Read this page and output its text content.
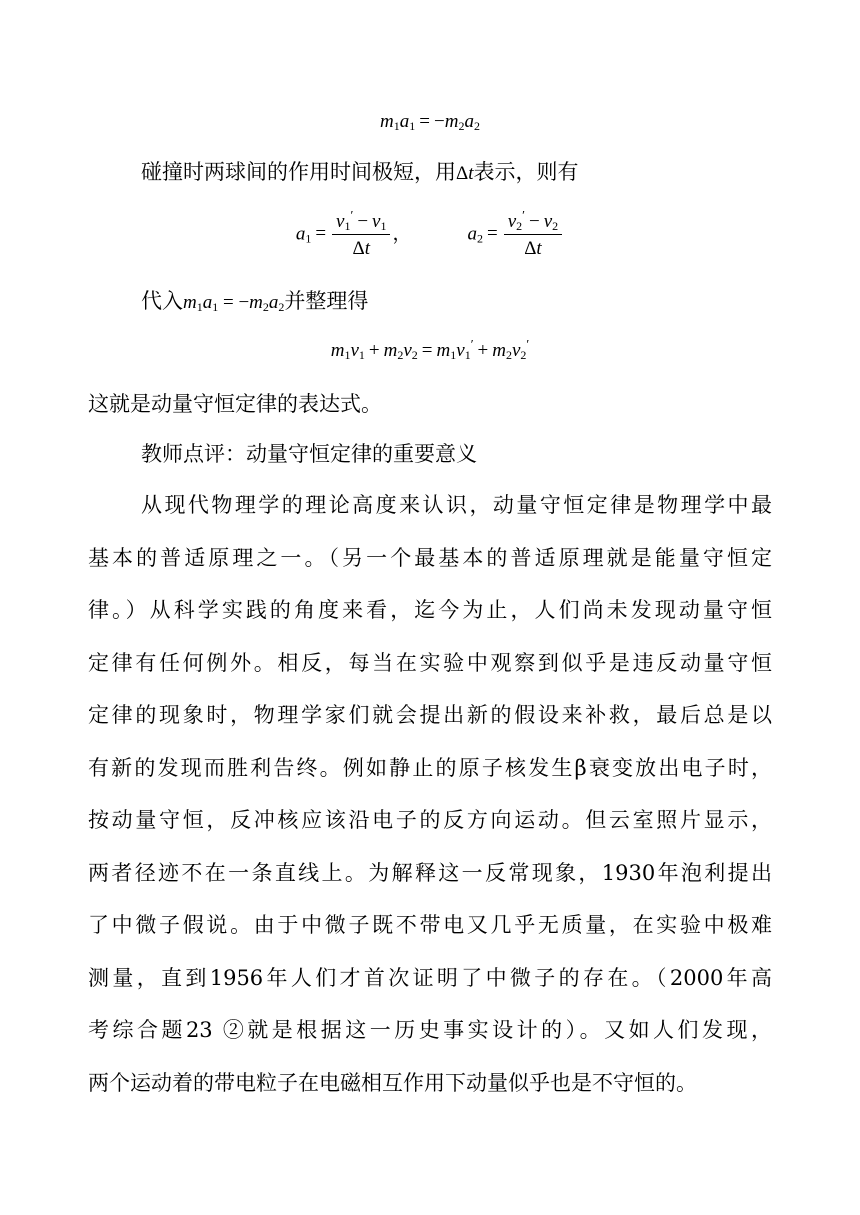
$m_1a_1 = -m_2a_2$
碰撞时两球间的作用时间极短，用Δt表示，则有
$a_1 = \frac{v_1' - v_1}{\Delta t}$ ，	$a_2 = \frac{v_2' - v_2}{\Delta t}$
代入$m_1a_1 = -m_2a_2$并整理得
$m_1v_1 + m_2v_2 = m_1v_1' + m_2v_2'$
这就是动量守恒定律的表达式。
教师点评：动量守恒定律的重要意义
从现代物理学的理论高度来认识，动量守恒定律是物理学中最
基本的普适原理之一。（另一个最基本的普适原理就是能量守恒定
律。）从科学实践的角度来看，迄今为止，人们尚未发现动量守恒
定律有任何例外。相反，每当在实验中观察到似乎是违反动量守恒
定律的现象时，物理学家们就会提出新的假设来补救，最后总是以
有新的发现而胜利告终。例如静止的原子核发生β衰变放出电子时，
按动量守恒，反冲核应该沿电子的反方向运动。但云室照片显示，
两者径迹不在一条直线上。为解释这一反常现象，1930年泡利提出
了中微子假说。由于中微子既不带电又几乎无质量，在实验中极难
测量，直到1956年人们才首次证明了中微子的存在。（2000年高
考综合题23 ②就是根据这一历史事实设计的）。又如人们发现，
两个运动着的带电粒子在电磁相互作用下动量似乎也是不守恒的。
